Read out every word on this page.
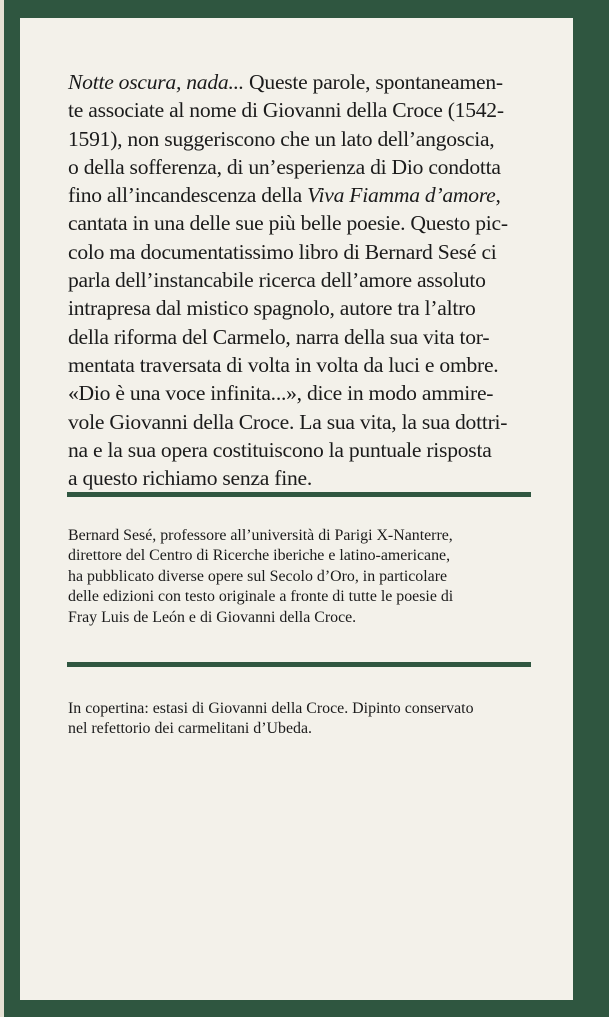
Notte oscura, nada... Queste parole, spontaneamen-
te associate al nome di Giovanni della Croce (1542-
1591), non suggeriscono che un lato dell’angoscia,
o della sofferenza, di un’esperienza di Dio condotta
fino all’incandescenza della Viva Fiamma d’amore,
cantata in una delle sue più belle poesie. Questo pic-
colo ma documentatissimo libro di Bernard Sesé ci
parla dell’instancabile ricerca dell’amore assoluto
intrapresa dal mistico spagnolo, autore tra l’altro
della riforma del Carmelo, narra della sua vita tor-
mentata traversata di volta in volta da luci e ombre.
«Dio è una voce infinita...», dice in modo ammire-
vole Giovanni della Croce. La sua vita, la sua dottri-
na e la sua opera costituiscono la puntuale risposta
a questo richiamo senza fine.
Bernard Sesé, professore all’università di Parigi X-Nanterre,
direttore del Centro di Ricerche iberiche e latino-americane,
ha pubblicato diverse opere sul Secolo d’Oro, in particolare
delle edizioni con testo originale a fronte di tutte le poesie di
Fray Luis de León e di Giovanni della Croce.
In copertina: estasi di Giovanni della Croce. Dipinto conservato
nel refettorio dei carmelitani d’Ubeda.
